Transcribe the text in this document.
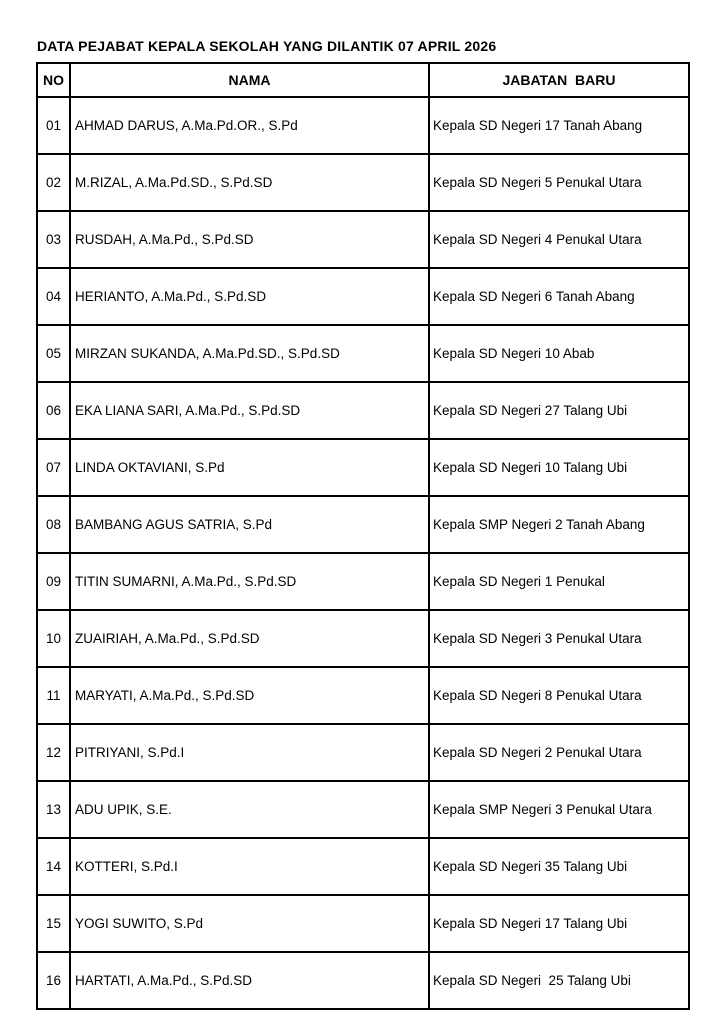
DATA PEJABAT KEPALA SEKOLAH YANG DILANTIK 07 APRIL 2026
NO	NAMA	JABATAN  BARU
01	AHMAD DARUS, A.Ma.Pd.OR., S.Pd	Kepala SD Negeri 17 Tanah Abang
02	M.RIZAL, A.Ma.Pd.SD., S.Pd.SD	Kepala SD Negeri 5 Penukal Utara
03	RUSDAH, A.Ma.Pd., S.Pd.SD	Kepala SD Negeri 4 Penukal Utara
04	HERIANTO, A.Ma.Pd., S.Pd.SD	Kepala SD Negeri 6 Tanah Abang
05	MIRZAN SUKANDA, A.Ma.Pd.SD., S.Pd.SD	Kepala SD Negeri 10 Abab
06	EKA LIANA SARI, A.Ma.Pd., S.Pd.SD	Kepala SD Negeri 27 Talang Ubi
07	LINDA OKTAVIANI, S.Pd	Kepala SD Negeri 10 Talang Ubi
08	BAMBANG AGUS SATRIA, S.Pd	Kepala SMP Negeri 2 Tanah Abang
09	TITIN SUMARNI, A.Ma.Pd., S.Pd.SD	Kepala SD Negeri 1 Penukal
10	ZUAIRIAH, A.Ma.Pd., S.Pd.SD	Kepala SD Negeri 3 Penukal Utara
11	MARYATI, A.Ma.Pd., S.Pd.SD	Kepala SD Negeri 8 Penukal Utara
12	PITRIYANI, S.Pd.I	Kepala SD Negeri 2 Penukal Utara
13	ADU UPIK, S.E.	Kepala SMP Negeri 3 Penukal Utara
14	KOTTERI, S.Pd.I	Kepala SD Negeri 35 Talang Ubi
15	YOGI SUWITO, S.Pd	Kepala SD Negeri 17 Talang Ubi
16	HARTATI, A.Ma.Pd., S.Pd.SD	Kepala SD Negeri  25 Talang Ubi
